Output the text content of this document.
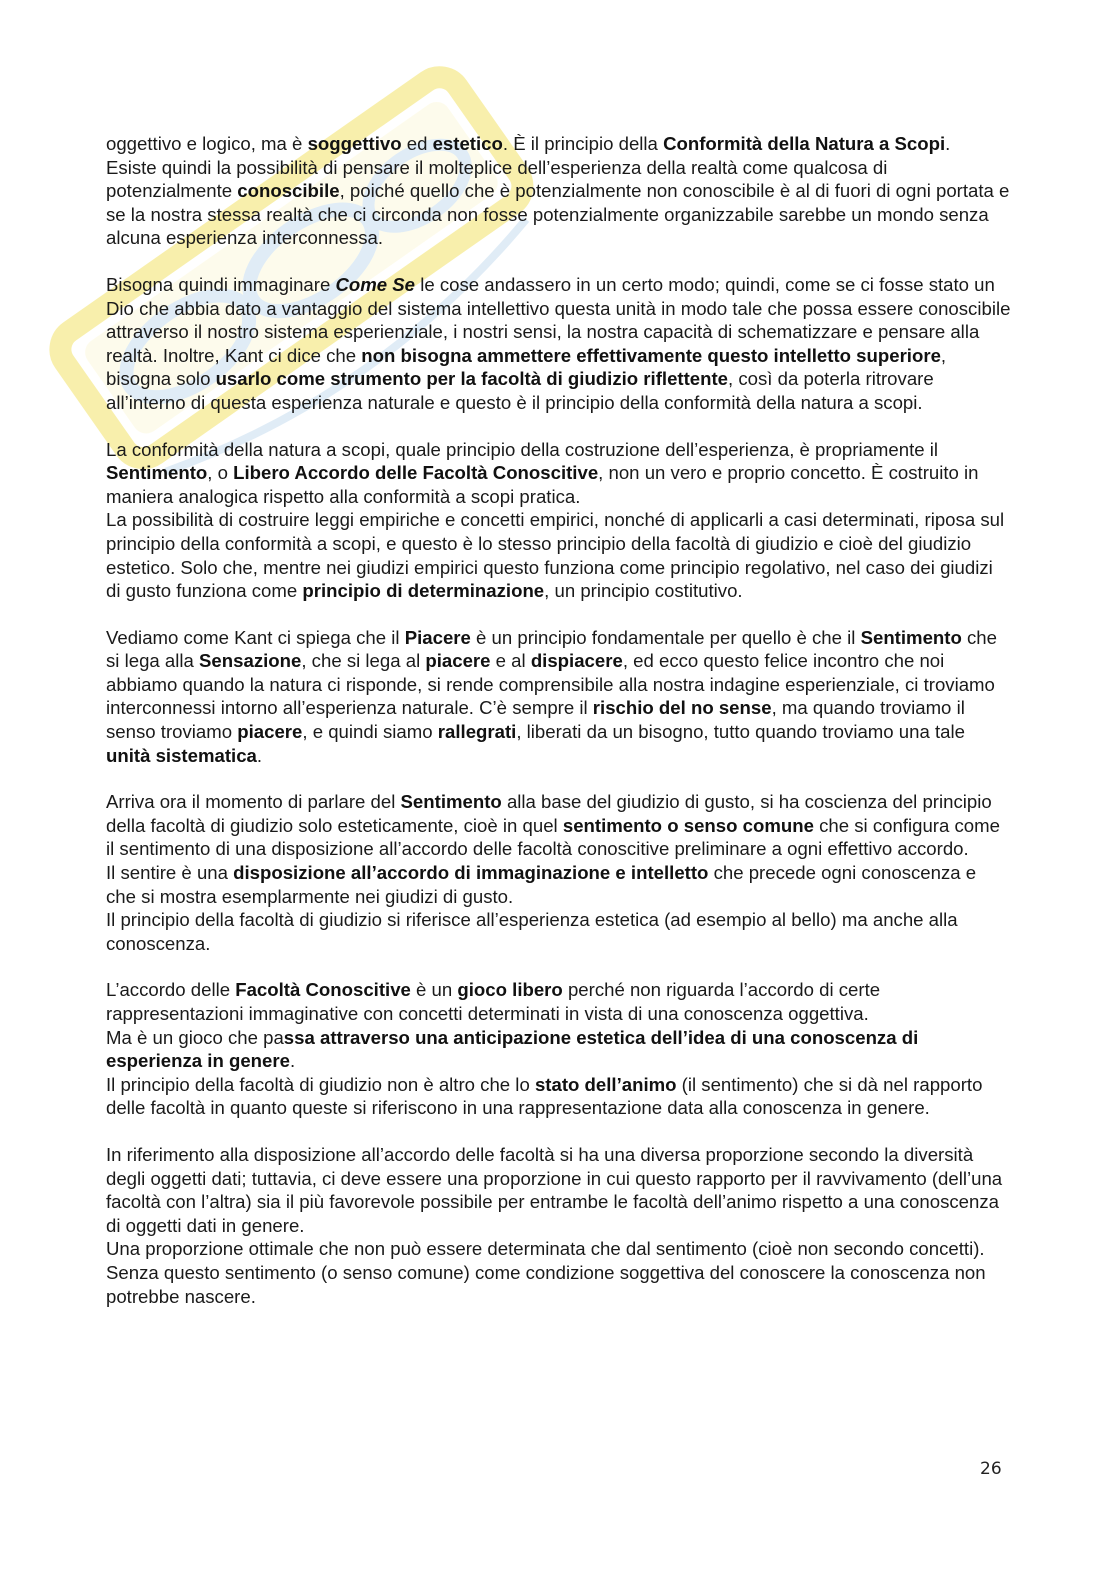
oggettivo e logico, ma è soggettivo ed estetico. È il principio della Conformità della Natura a Scopi.
Esiste quindi la possibilità di pensare il molteplice dell’esperienza della realtà come qualcosa di potenzialmente conoscibile, poiché quello che è potenzialmente non conoscibile è al di fuori di ogni portata e se la nostra stessa realtà che ci circonda non fosse potenzialmente organizzabile sarebbe un mondo senza alcuna esperienza interconnessa.

Bisogna quindi immaginare Come Se le cose andassero in un certo modo; quindi, come se ci fosse stato un Dio che abbia dato a vantaggio del sistema intellettivo questa unità in modo tale che possa essere conoscibile attraverso il nostro sistema esperienziale, i nostri sensi, la nostra capacità di schematizzare e pensare alla realtà. Inoltre, Kant ci dice che non bisogna ammettere effettivamente questo intelletto superiore, bisogna solo usarlo come strumento per la facoltà di giudizio riflettente, così da poterla ritrovare all’interno di questa esperienza naturale e questo è il principio della conformità della natura a scopi.

La conformità della natura a scopi, quale principio della costruzione dell’esperienza, è propriamente il Sentimento, o Libero Accordo delle Facoltà Conoscitive, non un vero e proprio concetto. È costruito in maniera analogica rispetto alla conformità a scopi pratica.
La possibilità di costruire leggi empiriche e concetti empirici, nonché di applicarli a casi determinati, riposa sul principio della conformità a scopi, e questo è lo stesso principio della facoltà di giudizio e cioè del giudizio estetico. Solo che, mentre nei giudizi empirici questo funziona come principio regolativo, nel caso dei giudizi di gusto funziona come principio di determinazione, un principio costitutivo.

Vediamo come Kant ci spiega che il Piacere è un principio fondamentale per quello è che il Sentimento che si lega alla Sensazione, che si lega al piacere e al dispiacere, ed ecco questo felice incontro che noi abbiamo quando la natura ci risponde, si rende comprensibile alla nostra indagine esperienziale, ci troviamo interconnessi intorno all’esperienza naturale. C’è sempre il rischio del no sense, ma quando troviamo il senso troviamo piacere, e quindi siamo rallegrati, liberati da un bisogno, tutto quando troviamo una tale unità sistematica.

Arriva ora il momento di parlare del Sentimento alla base del giudizio di gusto, si ha coscienza del principio della facoltà di giudizio solo esteticamente, cioè in quel sentimento o senso comune che si configura come il sentimento di una disposizione all’accordo delle facoltà conoscitive preliminare a ogni effettivo accordo.
Il sentire è una disposizione all’accordo di immaginazione e intelletto che precede ogni conoscenza e che si mostra esemplarmente nei giudizi di gusto.
Il principio della facoltà di giudizio si riferisce all’esperienza estetica (ad esempio al bello) ma anche alla conoscenza.

L’accordo delle Facoltà Conoscitive è un gioco libero perché non riguarda l’accordo di certe rappresentazioni immaginative con concetti determinati in vista di una conoscenza oggettiva.
Ma è un gioco che passa attraverso una anticipazione estetica dell’idea di una conoscenza di esperienza in genere.
Il principio della facoltà di giudizio non è altro che lo stato dell’animo (il sentimento) che si dà nel rapporto delle facoltà in quanto queste si riferiscono in una rappresentazione data alla conoscenza in genere.

In riferimento alla disposizione all’accordo delle facoltà si ha una diversa proporzione secondo la diversità degli oggetti dati; tuttavia, ci deve essere una proporzione in cui questo rapporto per il ravvivamento (dell’una facoltà con l’altra) sia il più favorevole possibile per entrambe le facoltà dell’animo rispetto a una conoscenza di oggetti dati in genere.
Una proporzione ottimale che non può essere determinata che dal sentimento (cioè non secondo concetti). Senza questo sentimento (o senso comune) come condizione soggettiva del conoscere la conoscenza non potrebbe nascere.

26
